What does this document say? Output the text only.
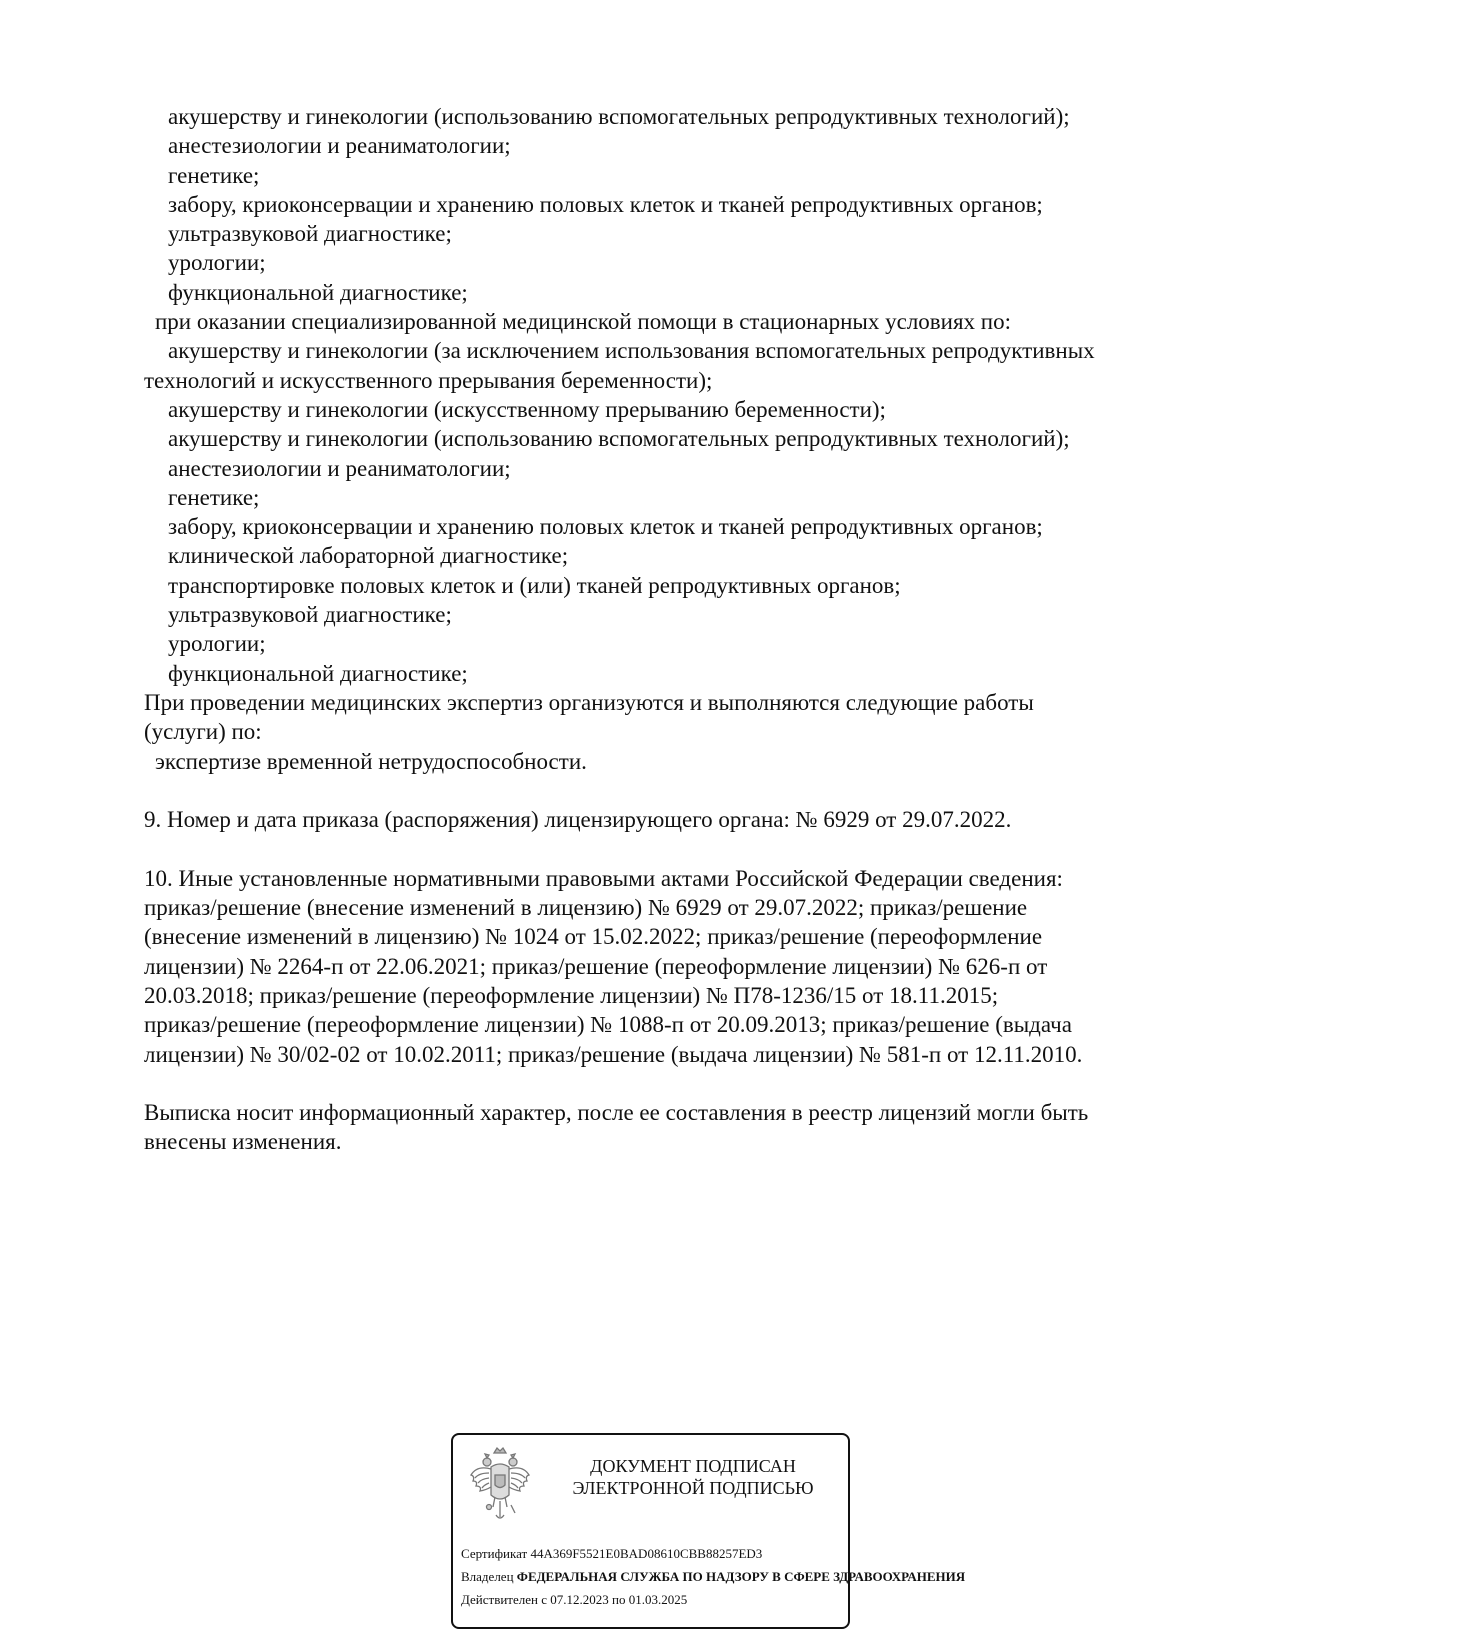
акушерству и гинекологии (использованию вспомогательных репродуктивных технологий);
анестезиологии и реаниматологии;
генетике;
забору, криоконсервации и хранению половых клеток и тканей репродуктивных органов;
ультразвуковой диагностике;
урологии;
функциональной диагностике;
при оказании специализированной медицинской помощи в стационарных условиях по:
акушерству и гинекологии (за исключением использования вспомогательных репродуктивных
технологий и искусственного прерывания беременности);
акушерству и гинекологии (искусственному прерыванию беременности);
акушерству и гинекологии (использованию вспомогательных репродуктивных технологий);
анестезиологии и реаниматологии;
генетике;
забору, криоконсервации и хранению половых клеток и тканей репродуктивных органов;
клинической лабораторной диагностике;
транспортировке половых клеток и (или) тканей репродуктивных органов;
ультразвуковой диагностике;
урологии;
функциональной диагностике;
При проведении медицинских экспертиз организуются и выполняются следующие работы
(услуги) по:
экспертизе временной нетрудоспособности.
9. Номер и дата приказа (распоряжения) лицензирующего органа: № 6929 от 29.07.2022.
10. Иные установленные нормативными правовыми актами Российской Федерации сведения:
приказ/решение (внесение изменений в лицензию) № 6929 от 29.07.2022; приказ/решение
(внесение изменений в лицензию) № 1024 от 15.02.2022; приказ/решение (переоформление
лицензии) № 2264-п от 22.06.2021; приказ/решение (переоформление лицензии) № 626-п от
20.03.2018; приказ/решение (переоформление лицензии) № П78-1236/15 от 18.11.2015;
приказ/решение (переоформление лицензии) № 1088-п от 20.09.2013; приказ/решение (выдача
лицензии) № 30/02-02 от 10.02.2011; приказ/решение (выдача лицензии) № 581-п от 12.11.2010.
Выписка носит информационный характер, после ее составления в реестр лицензий могли быть
внесены изменения.
ДОКУМЕНТ ПОДПИСАН
ЭЛЕКТРОННОЙ ПОДПИСЬЮ
Сертификат 44A369F5521E0BAD08610CBB88257ED3
Владелец ФЕДЕРАЛЬНАЯ СЛУЖБА ПО НАДЗОРУ В СФЕРЕ ЗДРАВООХРАНЕНИЯ
Действителен с 07.12.2023 по 01.03.2025
